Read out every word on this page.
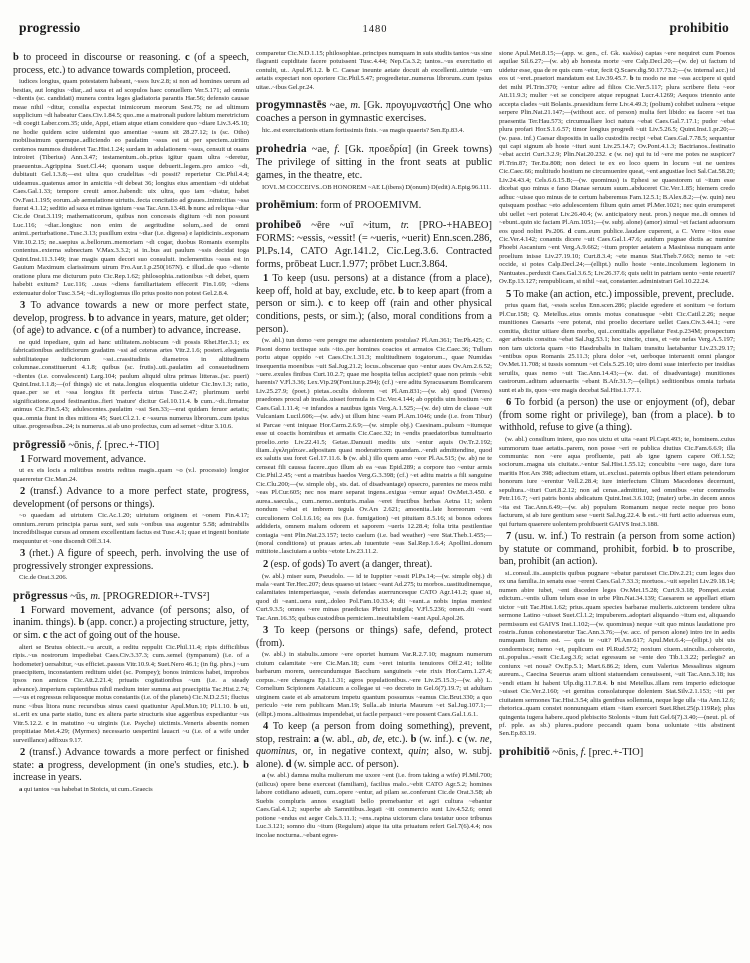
progressio	1480	prohibitio
b to proceed in discourse or reasoning. c (of a speech, process, etc.) to advance towards completion, proceed.
iudices longius, quam potestatem habeant, ~ssos Iuv.2.8; si non ad homines uerum ad bestias, aut longius ~diar,..ad saxa et ad scopulos haec conuellem Ver.5.171; ad omnia ~dientis (sc. candidati) munera contra leges gladiatoria parantis Har.56; defensio causae meae nihil ~ditur, consilia expectat inimicorum meorum Sest.75; ne ad ultimum supplicium ~di habeatur Caes.Civ.1.84.5; quo..me a matronali pudore labium meretricium ~di coegit Laber.com.35; uide, Appi, etiam atque etiam considere quo ~diare Liv.3.45.10; ne hodie quidem scire uidemini quo amentiae ~ssum sit 28.27.12; is (sc. Otho) mobilissimum quemque..adliciendo eo paulatim ~ssus est ut per speciem..uiritim centenos nummos diuideret Tac.Hist.1.24; surdam in adulationem ~ssus, censuit ut ouans introiret (Tiberius) Ann.3.47; testamentum..ob..prius igitur quam ultra ~deretur, praeuentus..Agrippina Suet.Cl.44; quonam usque debuerit..legem..pro amico ~di, dubitauit Gel.1.3.8;—est ultra quo crudelitas ~di possit? reperietur Cic.Phil.4.4; uideamus..quatenus amor in amicitia ~di debeat 36; longius eius amentiam ~di uidebat Caes.Gal.1.33; tempore creuit amor..habendi: uix ultra, quo iam ~diatur, habet Ov.Fast.1.195; eorum..ab aemulatione uirtutis..fecta concitatio ad graues..inimicitias ~ssa fuerat 4.1.12; seditio ad saxa et minas ignium ~ssa Tac.Ann.13.48. b nunc ad reliqua ~diar Cic.de Orat.3.119; mathematicorum, quibus non concessis digitum ~di non possunt Luc.116; ~diar..longius: non enim de aegritudine solum,..sed de omni animi..perturbatione..Tusc.3.13; pusillum extra ~diar (i.e. digress) e lapidicinis..exponam Vitr.10.2.15; ne..saepius a..bellorum..memoriam ~di cogar, duobus Romanis exemplis contentus..externa subnectam V.Max.3.3.2; si in..bus aut paulum ~ssis decidat toga Quint.Inst.11.3.149; irae magis quam decori suo consuluit. inclementius ~ssus est in Gauium Maximum clarissimum uirum Fro.Aur.1.p.250(167N). c illud..de quo ~diente oratione plura me dicturum puto Cic.Rep.1.62; philosophia..rationibus ~di debet, quem habebit exitum? Luc.116; ..usus ~diens familiaritatem effecerit Fin.1.69; ~diens extenuatur dolor Tusc.3.54; ~di..syllogismus illo prius posito non potest Gel.2.8.4.
3 To advance towards a new or more perfect state, develop, progress. b to advance in years, mature, get older; (of age) to advance. c (of a number) to advance, increase.
ne quid inpediare, quin ad hanc utilitatem..nobiscum ~di possis Rhet.Her.3.1; ex fabricationibus aedificiorum gradatim ~ssi ad ceteras artes Vitr.2.1.6; posteri..elegantia subtilitateque iudiciorum ~ssi..crassitudinis diametros in altitudinem columnae..constituerunt 4.1.8; quibus (sc. frutis)..uti..paulatim ad consuetudinem ~dientes (i.e. convalescent) Larg.104; paulum aliquid ultra primas litteras..(sc. pueri) Quint.Inst.1.1.8;—(of things) sic et nata..longius eloquentia uidetur Cic.Inv.1.3; ratio, quae..per se et ~ssa longius fit perfecta uirtus Tusc.2.47; plurimum uerbi significatione..quod festinantius..fieri 'mature' dicitur Gel.10.11.4. b cum..~di..firmatur animus Cic.Fin.5.43; adulescentes..paulatim ~ssi Sen.33;—erat quidam feruor aetatis; qua..omnia fiunt in dies mitiora 45; Suet.Cl.2.1. c ~ssurus numerus librorum..cum ipsius uitae..progressibus..24; is numerus..si ab uno profectus, cum ad semet ~ditur 3.10.6.
prōgressiō ~ōnis, f. [prec.+-TIO]
1 Forward movement, advance.
ut ex eis locis a militibus nostris reditus magis..quam ~o (v.l. processio) longior quaereretur Cic.Man.24.
2 (transf.) Advance to a more perfect state, progress, development (of persons or things).
~o quaedam ad uirtutem Cic.Ac.1.20; uirtutum originem et ~onem Fin.4.17; omnium..rerum principia parua sunt, sed suis ~onibus usa augentur 5.58; admirabilis incredibilisque cursus ad omnem excellentiam factus est Tusc.4.1; quae et ingenii bonitate mequuntur et ~one discendi Off.3.14.
3 (rhet.) A figure of speech, perh. involving the use of progressively stronger expressions.
Cic.de Orat.3.206.
prōgressus ~ūs, m. [PROGREDIOR+-TVS²]
1 Forward movement, advance (of persons; also, of inanim. things). b (app. concr.) a projecting structure, jetty, or sim. c the act of going out of the house.
alteri se Brutus obiecit..~u arcuit, a reditu reppulit Cic.Phil.11.4; ripis difficilibus ripis..~us nostrorum impediebat Caes.Civ.3.37.3; cum..semel (tympanum) (i.e. of a hodometer) uersabitur, ~us efficiet..passus Vitr.10.9.4; Suet.Nero 46.1; (in fig. phrs.) ~um praecipitem, inconstantem reditum uidet (sc. Pompey); bonos inimicos habet, improbos ipsos non amicos Cic.Att.2.21.4; priuatis cogitationibus ~um (i.e. a steady advance)..imperium cupientibus nihil medium inter summa aut praecipitia Tac.Hist.2.74;—~us et regressus reliquosque motus constantis (i.e. of the planets) Cic.N.D.2.51; fluctus nunc ~ibus litora nunc recursibus sinus caesi quatiuntur Apul.Mun.10; Pl.1.10. b uti, si..erit ex una parte statio, tunc ex altera parte structuris siue aggeribus expediantur ~us Vitr.5.12.2. c in matutino ~u uirginis (i.e. Psyche) uictimis..Veneris absentis nomen propitiatae Met.4.29; (Myrmex) necessario uespertini lauacri ~u (i.e. of a wife under surveillance) adfixus 9.17.
2 (transf.) Advance towards a more perfect or finished state: a progress, development (in one's studies, etc.). b increase in years.
a qui tantos ~us habebat in Stoicis, ut cum..Graecis
comparetur Cic.N.D.1.15; philosophiae..principes numquam in suis studiis tantos ~us sine flagranti cupiditate facere potuissent Tusc.4.44; Nep.Ca.3.2; tantos..~us exercitatio ei contulit, ut.. Apul.Pl.1.2. b C. Caesar ineunte aetate docuit ab excellenti..uirtute ~um aetatis expectari non oportere Cic.Phil.5.47; progredietur..numerus librorum..cum ipsius uitae..~ibus Gel.pr.24.
progymnastēs ~ae, m. [Gk. προγυμναστής] One who coaches a person in gymnastic exercises.
hic..est exercitationis etiam fortissimis finis. ~as magis quaeris? Sen.Ep.83.4.
prohedria ~ae, f. [Gk. προεδρία] (in Greek towns) The privilege of sitting in the front seats at public games, in the theatre, etc.
IOVI..M COCCEIVS..OB HONOREM ~AE L(ibens) D(onum) D(edit) A.Epig.96.111.
prohēmium: form of PROOEMIVM.
prohibeō ~ēre ~uī ~itum, tr. [PRO-+HABEO] FORMS: ~essis, ~essit! (= ~ueris, ~uerit) Enn.scen.286, Pl.Ps.14, CATO Agr.141.2, Cic.Leg.3.6. Contracted forms, prōbeat Lucr.1.977; prōbet Lucr.3.864.
1 To keep (usu. persons) at a distance (from a place), keep off, hold at bay, exclude, etc. b to keep apart (from a person or sim.). c to keep off (rain and other physical conditions, pests, or sim.); (also, moral conditions from a person).
(w. abl.) tun domo ~ere peregre me aduenientem postulas? Pl.Am.361; Ter.Ph.425; C. Pisoni domo tectisque suis ~ito..per homines coactos et armatos Cic.Caec.36; Tullum portu atque oppido ~et Caes.Civ.1.31.3; multitudinem togatorum.., quae Numidas insequentia moenibus ~uit Sal.Jug.21.2; locus..obscenae quo ~entur aues Ov.Am.2.6.52; ~uere..exules finibus Curt.10.2.7; quae me hospita tellus accipiet? quae non primis ~ebit harenis? V.Fl.3.36; Lex.Vip.29(Font.iur.p.294); (cf.) ~ere aditu Syracusarum Bomilcarem Liv.25.27.9; (poet.) pietas..oculis dolorem ~et Pl.Am.831;—(w. ab) quod (Verres) praedones procul ab insula..uisset formula in Cic.Ver.4.144; ab oppidis uim hostium ~ere Caes.Gal.1.11.4; ~e infandos a nauibus ignis Verg.A.1.525;—(w. de) uim de classe ~uit Vulcaniam Lucil.606;—(w. adv.) ut illum hinc ~eam Pl.Am.1046; unde (i.e. from Tibur) si Parcae ~ent iniquae Hor.Carm.2.6.9;—(w. simple obj.) Caesinam..pulsum ~itumque esse ui coactis hominibus et armatis Cic.Caec.32; in ~endis praedatoribus tumultuario proelio..orto Liv.22.41.5; Getae..Danuuii mediis uix ~entur aquis Ov.Tr.2.192; iliam..ἐγκλημάτων..adpositam quasi moderatricem quandam..~endi admittendine, quod ex salutis usu foret Gel.17.11.6. b (w. abl.) illo quem amo ~eor Pl.As.515; (w. ab) ne te censeat fili caussa facere..quo illum ab ea ~eas Epid.289; a corpore tuo ~entur armis Cic.Phil.2.45; ~ent a matribus haedos Verg.G.3.398; (cf.) ~et aditu matris a fili sanguine Cic.Clu.200;—(w. simple obj., sts. dat. of disadvantage) opsecro, parentes ne meos mihi ~eas Pl.Cur.605; nec nos mare separat ingens..exigua ~emur aqua! Ov.Met.3.450. c aurea..saecula.., cum..nemo..uenturis..malas ~eret fructibus herbas Aetna 11; solem nondum ~ebat et imbrem tegula Ov.Ars 2.621; amoenita..late horreorum ~ent curculionem Col.1.6.16; ea res (i.e. fumigation) ~et pituitam 8.5.16; si bonos odores addideris, omnem malum odorem et saporem ~ueris 12.28.4; folia trita pestilentiae contagia ~ent Plin.Nat.23.157; tecto caelum (i.e. bad weather) ~ere Stat.Theb.1.455;—(moral conditions) ut prauas artes..ab iuuentute ~eas Sal.Rep.1.6.4; Apollini..donum mittitote..lasciuiam a uobis ~etote Liv.23.11.2.
2 (esp. of gods) To avert (a danger, threat).
(w. abl.) miser sum, Pseudolo. — id te Iuppiter ~essit Pl.Ps.14;—(w. simple obj.) di mala ~eant Ter.Hec.207; deus quaeso ut istaec ~eant Ad.275; tu morbos..uastitudinemque, calamitates intemperiasque, ~essis defendas auerruncesque CATO Agr.141.2; quae si, quod di ~eant..uera sunt,..doleo Pol.Fam.10.33.4; dii ~eant..a nobis inpias mentes! Curt.9.3.5; omnes ~ere minas praedictas Phrixi inuigila; V.Fl.5.236; omen..dii ~eant Tac.Ann.16.35; quibus custodibus perniciem..ineuitabilem ~eant Apul.Apol.26.
3 To keep (persons or things) safe, defend, protect (from).
(w. abl.) in stabulis..umore ~ere oportet humum Var.R.2.7.10; magnum numerum ciuium calamitate ~ere Cic.Man.18; cum ~eret iniuriis tenuiores Off.2.41; tollite barbarum morem, uerecundumque Bacchum sanguineis ~ete rixis Hor.Carm.1.27.4; corpus..~ere cheragra Ep.1.1.31; agros populationibus..~ere Liv.25.15.3;—(w. ab) L. Cornelium Scipionem Asiaticum a collegae ui ~eo decreto in Gel.6(7).19.7; ut adultam uirginem caste et ab amatorum impetu quantum possumus ~eamus Cic.Brut.330; a quo periculo ~ete rem publicam Man.19; Sulla..ab iniuria Maurum ~et Sal.Jug.107.1;—(ellipt.) mons..altissimus impendebat, ut facile perpauci ~ere possent Caes.Gal.1.6.1.
4 To keep (a person from doing something), prevent, stop, restrain: a (w. abl., ab, de, etc.). b (w. inf.). c (w. ne, quominus, or, in negative context, quin; also, w. subj. alone). d (w. simple acc. of person).
a (w. abl.) damna multa mulierum me uxore ~ent (i.e. from taking a wife) Pl.Mil.700; (uilicus) opere bene exerceat (familiam), facilius malo..~ebit CATO Agr.5.2; homines labore cotidiano adsueti, cum..opere ~entur, ad pilam se..conferunt Cic.de Orat.3.58; ab Suebis compluris annos exagitati bello premebantur et agri cultura ~ebantur Caes.Gal.4.1.2; superbe ab Samnitibus..legati ~iti commercio sunt Liv.4.52.6; omni potione ~endus est aeger Cels.3.11.1; ~ens..rapina uictorum clara testatur uoce tribunus Luc.3.121; somno diu ~itum (Regulum) atque ita uita priuatum refert Gel.7(6).4.4; nos incolae nocturna..~ebant egres-
sione Apul.Met.8.15;—(app. w. gen., cf. Gk. κωλύω) captas ~ere nequiret cum Poenos aquilae Sil.6.27;—(w. ab) ab honesta morte ~ere Calp.Decl.20;—(w. de) ui factum id uidetur esse, qua de re quis cum ~etur, fecit Q.Scaev.dig.50.17.73.2;—(w. internal acc.) id eos ut ~eret..praetori mandatum est Liv.39.45.7. b tu modo ne me ~eas accipere si quid det mihi Pl.Trin.370; ~entur adire ad filios Cic.Ver.5.117; plura scribere fletu ~eor Att.11.9.3; mulier ~et se concipere atque repugnat Lucr.4.1269; Aequos triennio ante accepta clades ~uit Bolanis..praesidium ferre Liv.4.49.3; (polium) cohibet uulnera ~etque serpere Plin.Nat.21.147;—(without acc. of person) multa fert libido: ea facere ~et tua praesentia Ter.Hau.573; circumuallare loci natura ~ebat Caes.Gal.7.17.1; pudor ~ebat plura profari Hor.S.1.6.57; timor longius progredi ~uit Liv.5.26.5; Quint.Inst.1.pr.20;—(w. pass. inf.) Caesar dispositis in uallo custodiis recipi ~ebat Caes.Gal.7.78.5; sequantur qui capi signum ab hoste ~ituri sunt Liv.25.14.7; Ov.Pont.4.1.3; Bactrianos..festinatio ~ebat acciri Curt.3.2.9; Plin.Nat.20.232. c (w. ne) qui tu id ~ere me potes ne suspicer? Pl.Trin.87; Ter.Eu.808; non deieci te ex eo loco quem in locum ~ui ne uenires Cic.Caec.66; multitudo hostium ne circumuenire queat, ~ent angustiae loci Sal.Cat.58.20; Liv.24.43.4; Cels.6.6.15.B;—(w. quominus) is Ephesi se quaestorem ui ~itum esse dicebat quo minus e fano Dianae seruum suum..abduceret Cic.Ver.1.85; hiemem credo adhuc ~uisse quo minus de te certum haberemus Fam.12.5.1; B.Alex.8.2;—(w. quin) neu quisquam posthac ~eto adulescentem filium quin amet Pl.Mer.1021; nec quin erumperet ubi uellet ~eri poterat Liv.26.40.4; (w. anticipatory neut. pron.) neque me..di omnes id ~ebunt..quin sic faciam Pl.Am.1051;—(w. subj. alone) (amor) simul ~et faciant aduorsum eos quod nolint Ps.206. d cum..eum publice..laudare cuperent, a C. Verre ~itos esse Cic.Ver.4.142; conantis dicere ~uit Caes.Gal.1.47.6; auidum pugnae dictis ac numine Phoebi Ascanium ~ent Verg.A.9.662; ~itum propter aetatem a Masinissa nunquam ante proelium inisse Liv.27.19.10; Curt.8.3.4; ~ete manus Stat.Theb.7.663; nemo te ~et: occide, si potes Calp.Decl.24;—(ellipt.) nullo hoste ~ente..incolumem legionem in Nantuates..perduxit Caes.Gal.3.6.5; Liv.26.37.6; quis uelit in patriam uento ~ente reuerti? Ov.Ep.13.127; rempublicam, si nihil ~eat, constanter..administrari Gel.10.22.24.
5 To make (an action, etc.) impossible, prevent, preclude.
prius quam fiat, ~essis scelus Enn.scen.286; placide egredere et sonitum ~e forium Pl.Cur.158; Q. Metellus..eius omnis motus conatusque ~ebit Cic.Catil.2.26; neque munitiones Caesaris ~ere poterat, nisi proelio decertare uellet Caes.Civ.3.44.1; ~ere comitia, dicitur uitiare diem morbo, qui..comitialis appellatur Fest.p.234M; prospectum ager arbustis consitus ~ebat Sal.Jug.53.1; hoc uincite, ciues, et ~ete nefas Verg.A.5.197; non tam uictoria quam ~ito Hasdrubalis in Italiam transitu laetabantur Liv.23.29.17; ~entibus opus Romanis 25.11.3; plura dolor ~et, uerboque interuenit omni plangor Ov.Met.11.708; si tussis somnum ~et Cels.5.25.10; uiro domi suae interfecto per insidias seruilis, quas nemo ~uit Tac.Ann.14.43;—(w. dat. of disadvantage) munitiones castrorum..aditum aduersariis ~ebant B.Afr.31.7;—(ellipt.) seditionibus omnia turbata sunt et ab iis, quos ~ere magis decebat Sal.Hist.1.77.1.
6 To forbid (a person) the use or enjoyment (of), debar (from some right or privilege), ban (from a place). b to withhold, refuse to give (a thing).
(w. abl.) consilium iniere, quo nos uictu et uita ~eant Pl.Capt.493; te, hominem..cuius summorum tuae aetatis..parem, non posse ~eri re publica diutius Cic.Fam.6.6.9; illa communia: non ~ere aqua profluente, pati ab igne ignem capere Off.1.52; sociorum..magna uis ciuitate..~entur Sal.Hist.1.55.12; concubitu ~ere uago, dare iura maritis Hor.Ars 398; adiectum etiam, ut..exclusi..paternis opibus liberi etiam petendorum honorum iure ~erentur Vell.2.28.4; iure interfectum Clitum Macedones decernunt, sepultura..~ituri Curt.8.2.12; non ad cenas..admittitur, sed omnibus ~etur commodis Petr.116.7; ~eri patris bonis abdicatum Quint.Inst.3.6.102; (mater) urbe..in decem annos ~ita est Tac.Ann.6.49;—(w. ab) populum Romanum neque recte neque pro bono facturum, si ab iure gentium sese ~uerit Sal.Jug.22.4. b est..~iti furti actio aduersus eum, qui furtum quaerere uolentem prohibuerit GAIVS Inst.3.188.
7 (usu. w. inf.) To restrain (a person from some action) by statute or command, prohibit, forbid. b to proscribe, ban, prohibit (an action).
si..consul..iis..auspiciis quibus pugnare ~ebatur paruisset Cic.Div.2.21; cum leges duo ex una familia..in senatu esse ~erent Caes.Gal.7.33.3; mortuos..~uit sepeliri Liv.29.18.14; numen abire iubet, ~ent discedere leges Ov.Met.15.28; Curt.9.3.18; Pompei..extat edictum..~entis ullum telum esse in urbe Plin.Nat.34.139; Caesarem se appellari etiam uictor ~uit Tac.Hist.1.62; prius..quam species barbarae mulieris..uictorem tendere ultra sermone Latino ~uisset Suet.Cl.1.2; impuberem..adoptari aliquando ~itum est, aliquando permissum est GAIVS Inst.1.102;—(w. quominus) neque ~uit quo minus laudatione pro rostris..funus cohonestaretur Tac.Ann.3.76;—(w. acc. of person alone) intro ire in aedis numquam licitum est. — quis te ~uit? Pl.Am.617; Apul.Met.6.4;—(ellipt.) ubi uis condormisce; nemo ~et, puplicum est Pl.Rud.572; noxium ciuem..uinculis..coherceto, ni..populus..~essit Cic.Leg.3.6; sciat egressum se ~ente deo Tib.1.3.22; perlegis? an coniunx ~et noua? Ov.Ep.5.1; Mart.6.86.2; idem, cum Valerius Messalinus signum aureum.., Caecina Seuerus aram ultioni statuendam censuissent, ~uit Tac.Ann.3.18; ius ~endi etiam hi habent Ulp.dig.11.7.8.4. b nisi Metellus..illam rem imperio edictoque ~uisset Cic.Ver.2.160; ~et gemitus consolaturque dolentem Stat.Silv.2.1.153; ~iti per ciuitatem sermones Tac.Hist.3.54; aliis gentibus sollemnia, neque lege ulla ~ita Ann.12.6; rhetorica..quam constet nonnunquam etiam ~itam exerceri Suet.Rhet.25(p.119Re); plus quingenta iugera habere..quod plebiscito Stolonis ~itum fuit Gel.6(7).3.40;—(neut. pl. of pf. pple. as sb.) plures..pudore peccandi quam bona uoluntate ~itis abstinent Sen.Ep.83.19.
prohibitiō ~ōnis, f. [prec.+-TIO]
